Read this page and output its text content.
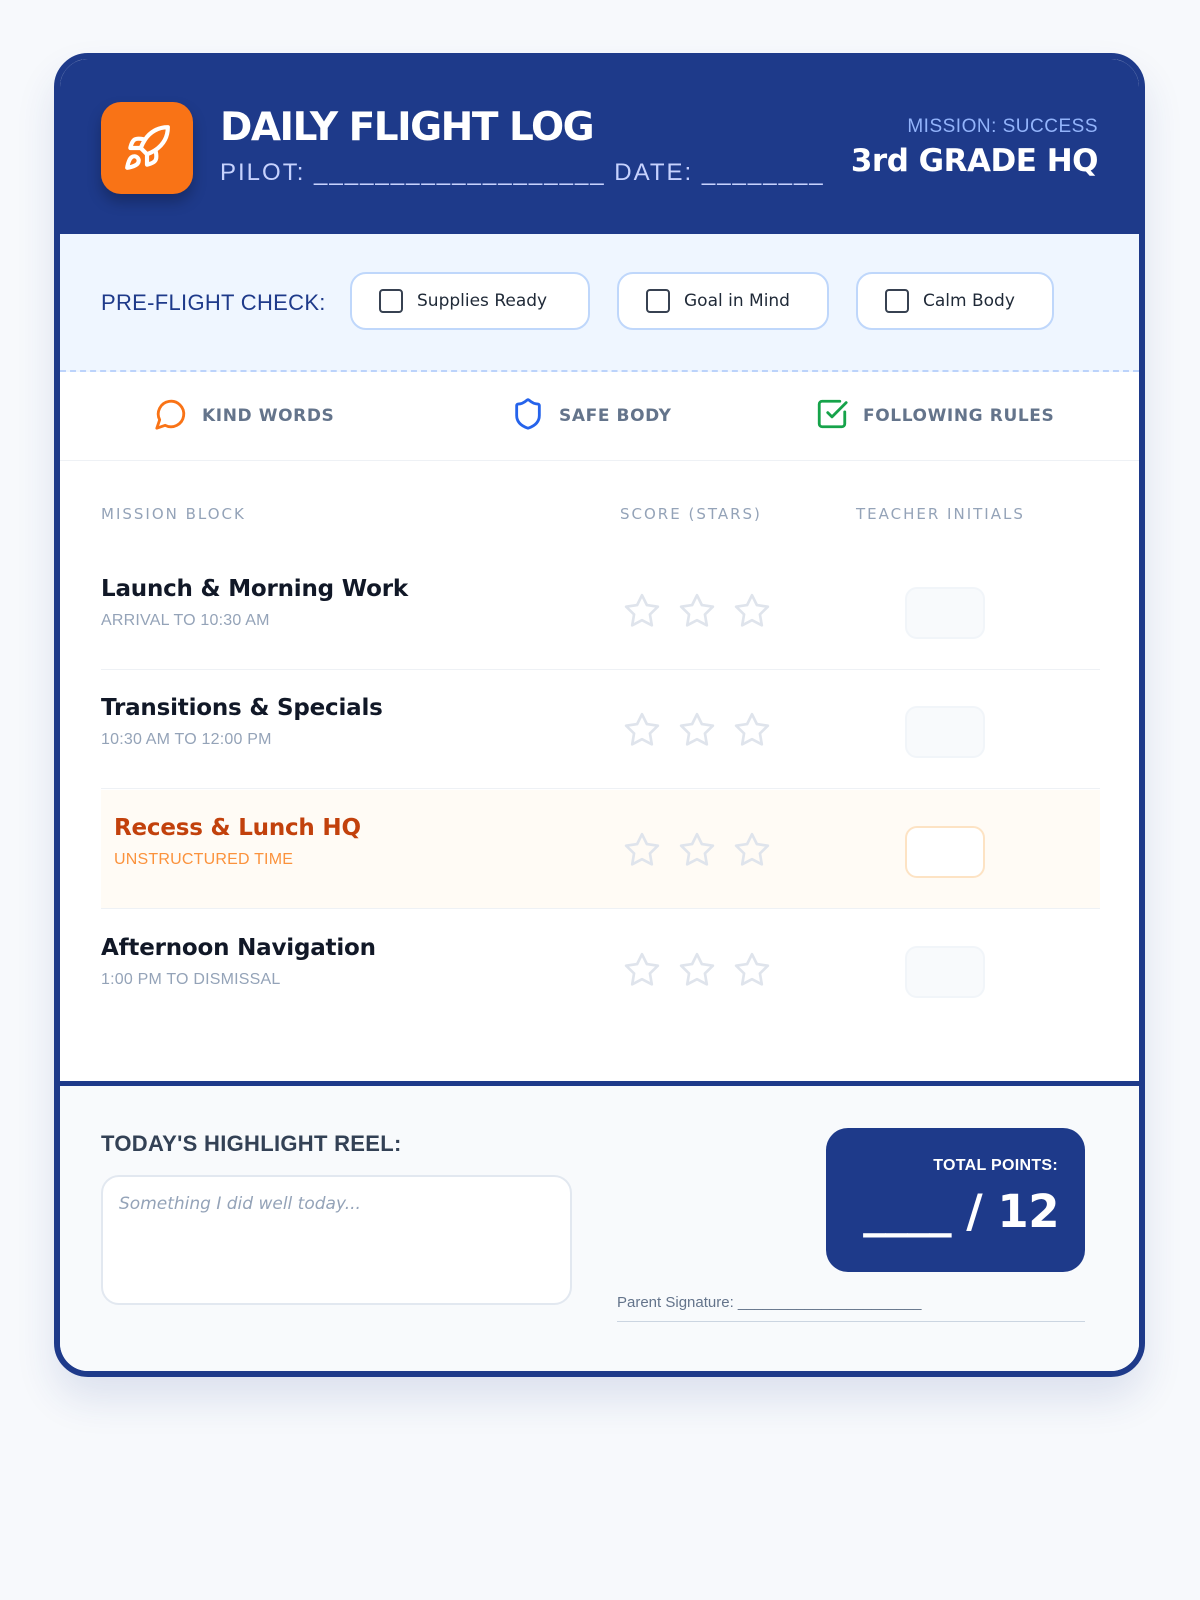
DAILY FLIGHT LOG
PILOT: ___________________ DATE: ________
MISSION: SUCCESS
3rd GRADE HQ
PRE-FLIGHT CHECK:	Supplies Ready	Goal in Mind	Calm Body
KIND WORDS	SAFE BODY	FOLLOWING RULES
MISSION BLOCK	SCORE (STARS)	TEACHER INITIALS
Launch & Morning Work
ARRIVAL TO 10:30 AM
Transitions & Specials
10:30 AM TO 12:00 PM
Recess & Lunch HQ
UNSTRUCTURED TIME
Afternoon Navigation
1:00 PM TO DISMISSAL
TODAY'S HIGHLIGHT REEL:
Something I did well today...
TOTAL POINTS:
____ / 12
Parent Signature: ______________________
